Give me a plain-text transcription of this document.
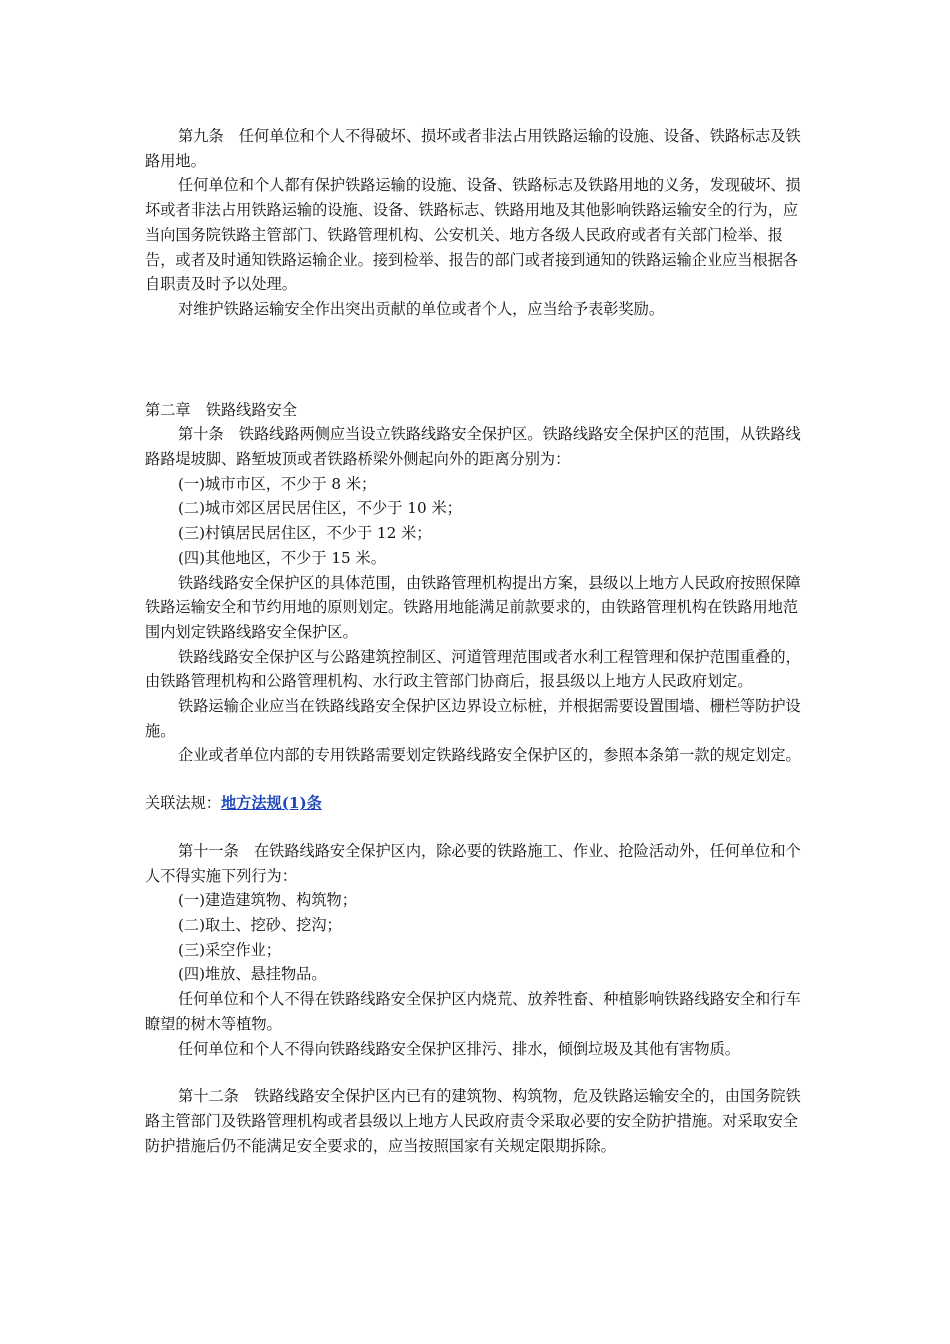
第九条　任何单位和个人不得破坏、损坏或者非法占用铁路运输的设施、设备、铁路标志及铁路用地。

任何单位和个人都有保护铁路运输的设施、设备、铁路标志及铁路用地的义务，发现破坏、损坏或者非法占用铁路运输的设施、设备、铁路标志、铁路用地及其他影响铁路运输安全的行为，应当向国务院铁路主管部门、铁路管理机构、公安机关、地方各级人民政府或者有关部门检举、报告，或者及时通知铁路运输企业。接到检举、报告的部门或者接到通知的铁路运输企业应当根据各自职责及时予以处理。

对维护铁路运输安全作出突出贡献的单位或者个人，应当给予表彰奖励。

第二章　铁路线路安全

第十条　铁路线路两侧应当设立铁路线路安全保护区。铁路线路安全保护区的范围，从铁路线路路堤坡脚、路堑坡顶或者铁路桥梁外侧起向外的距离分别为：

(一)城市市区，不少于 8 米；

(二)城市郊区居民居住区，不少于 10 米；

(三)村镇居民居住区，不少于 12 米；

(四)其他地区，不少于 15 米。

铁路线路安全保护区的具体范围，由铁路管理机构提出方案，县级以上地方人民政府按照保障铁路运输安全和节约用地的原则划定。铁路用地能满足前款要求的，由铁路管理机构在铁路用地范围内划定铁路线路安全保护区。

铁路线路安全保护区与公路建筑控制区、河道管理范围或者水利工程管理和保护范围重叠的，由铁路管理机构和公路管理机构、水行政主管部门协商后，报县级以上地方人民政府划定。

铁路运输企业应当在铁路线路安全保护区边界设立标桩，并根据需要设置围墙、栅栏等防护设施。

企业或者单位内部的专用铁路需要划定铁路线路安全保护区的，参照本条第一款的规定划定。

关联法规：地方法规(1)条

第十一条　在铁路线路安全保护区内，除必要的铁路施工、作业、抢险活动外，任何单位和个人不得实施下列行为：

(一)建造建筑物、构筑物；

(二)取土、挖砂、挖沟；

(三)采空作业；

(四)堆放、悬挂物品。

任何单位和个人不得在铁路线路安全保护区内烧荒、放养牲畜、种植影响铁路线路安全和行车瞭望的树木等植物。

任何单位和个人不得向铁路线路安全保护区排污、排水，倾倒垃圾及其他有害物质。

第十二条　铁路线路安全保护区内已有的建筑物、构筑物，危及铁路运输安全的，由国务院铁路主管部门及铁路管理机构或者县级以上地方人民政府责令采取必要的安全防护措施。对采取安全防护措施后仍不能满足安全要求的，应当按照国家有关规定限期拆除。
